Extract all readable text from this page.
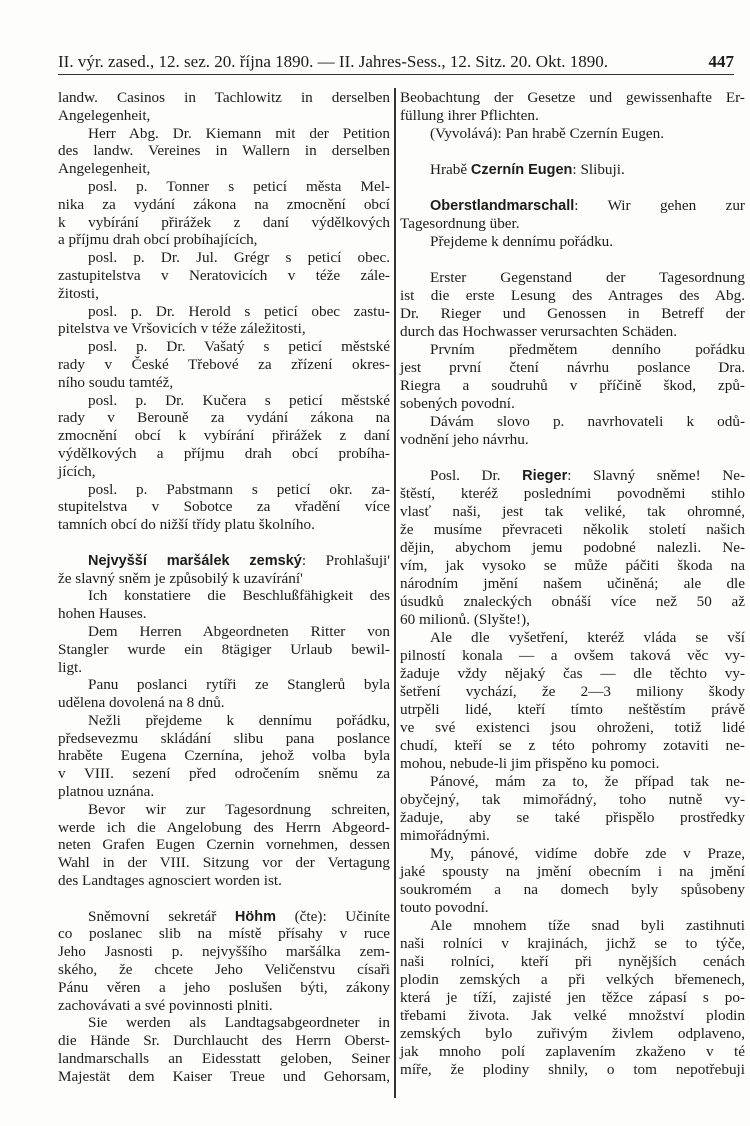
II. výr. zased., 12. sez. 20. října 1890. — II. Jahres-Sess., 12. Sitz. 20. Okt. 1890.	447
landw. Casinos in Tachlowitz in derselben
Angelegenheit,
Herr Abg. Dr. Kiemann mit der Petition
des landw. Vereines in Wallern in derselben
Angelegenheit,
posl. p. Tonner s peticí města Mel-
nika za vydání zákona na zmocnění obcí
k vybírání přirážek z daní výdělkových
a příjmu drah obcí probíhajících,
posl. p. Dr. Jul. Grégr s peticí obec.
zastupitelstva v Neratovicích v téže zále-
žitosti,
posl. p. Dr. Herold s peticí obec zastu-
pitelstva ve Vršovicích v téže záležitosti,
posl. p. Dr. Vašatý s peticí městské
rady v České Třebové za zřízení okres-
ního soudu tamtéž,
posl. p. Dr. Kučera s peticí městské
rady v Berouně za vydání zákona na
zmocnění obcí k vybírání přirážek z daní
výdělkových a příjmu drah obcí probíha-
jících,
posl. p. Pabstmann s peticí okr. za-
stupitelstva v Sobotce za vřadění více
tamních obcí do nižší třídy platu školního.
Nejvyšší maršálek zemský: Prohlašuji'
že slavný sněm je způsobilý k uzavírání'
Ich konstatiere die Beschlußfähigkeit des
hohen Hauses.
Dem Herren Abgeordneten Ritter von
Stangler wurde ein 8tägiger Urlaub bewil-
ligt.
Panu poslanci rytíři ze Stanglerů byla
udělena dovolená na 8 dnů.
Nežli přejdeme k dennímu pořádku,
předsevezmu skládání slibu pana poslance
hraběte Eugena Czernína, jehož volba byla
v VIII. sezení před odročením sněmu za
platnou uznána.
Bevor wir zur Tagesordnung schreiten,
werde ich die Angelobung des Herrn Abgeord-
neten Grafen Eugen Czernin vornehmen, dessen
Wahl in der VIII. Sitzung vor der Vertagung
des Landtages agnosciert worden ist.
Sněmovní sekretář Höhm (čte): Učiníte
co poslanec slib na místě přísahy v ruce
Jeho Jasnosti p. nejvyššího maršálka zem-
ského, že chcete Jeho Veličenstvu císaři
Pánu věren a jeho poslušen býti, zákony
zachovávati a své povinnosti plniti.
Sie werden als Landtagsabgeordneter in
die Hände Sr. Durchlaucht des Herrn Oberst-
landmarschalls an Eidesstatt geloben, Seiner
Majestät dem Kaiser Treue und Gehorsam,
Beobachtung der Gesetze und gewissenhafte Er-
füllung ihrer Pflichten.
(Vyvolává): Pan hrabě Czernín Eugen.
Hrabě Czernín Eugen: Slibuji.
Oberstlandmarschall: Wir gehen zur
Tagesordnung über.
Přejdeme k dennímu pořádku.
Erster Gegenstand der Tagesordnung
ist die erste Lesung des Antrages des Abg.
Dr. Rieger und Genossen in Betreff der
durch das Hochwasser verursachten Schäden.
Prvním předmětem denního pořádku
jest první čtení návrhu poslance Dra.
Riegra a soudruhů v příčině škod, způ-
sobených povodní.
Dávám slovo p. navrhovateli k odů-
vodnění jeho návrhu.
Posl. Dr. Rieger: Slavný sněme! Ne-
štěstí, kteréž posledními povodněmi stihlo
vlasť naši, jest tak veliké, tak ohromné,
že musíme převraceti několik století našich
dějin, abychom jemu podobné nalezli. Ne-
vím, jak vysoko se může páčiti škoda na
národním jmění našem učiněná; ale dle
úsudků znaleckých obnáší více než 50 až
60 milionů. (Slyšte!),
Ale dle vyšetření, kteréž vláda se vší
pilností konala — a ovšem taková věc vy-
žaduje vždy nějaký čas — dle těchto vy-
šetření vychází, že 2—3 miliony škody
utrpěli lidé, kteří tímto neštěstím právě
ve své existenci jsou ohroženi, totiž lidé
chudí, kteří se z této pohromy zotaviti ne-
mohou, nebude-li jim přispěno ku pomoci.
Pánové, mám za to, že případ tak ne-
obyčejný, tak mimořádný, toho nutně vy-
žaduje, aby se také přispělo prostředky
mimořádnými.
My, pánové, vidíme dobře zde v Praze,
jaké spousty na jmění obecním i na jmění
soukromém a na domech byly spůsobeny
touto povodní.
Ale mnohem tíže snad byli zastihnuti
naši rolníci v krajinách, jichž se to týče,
naši rolníci, kteří při nynějších cenách
plodin zemských a při velkých břemenech,
která je tíží, zajisté jen těžce zápasí s po-
třebami života. Jak velké množství plodin
zemských bylo zuřivým živlem odplaveno,
jak mnoho polí zaplavením zkaženo v té
míře, že plodiny shnily, o tom nepotřebuji
